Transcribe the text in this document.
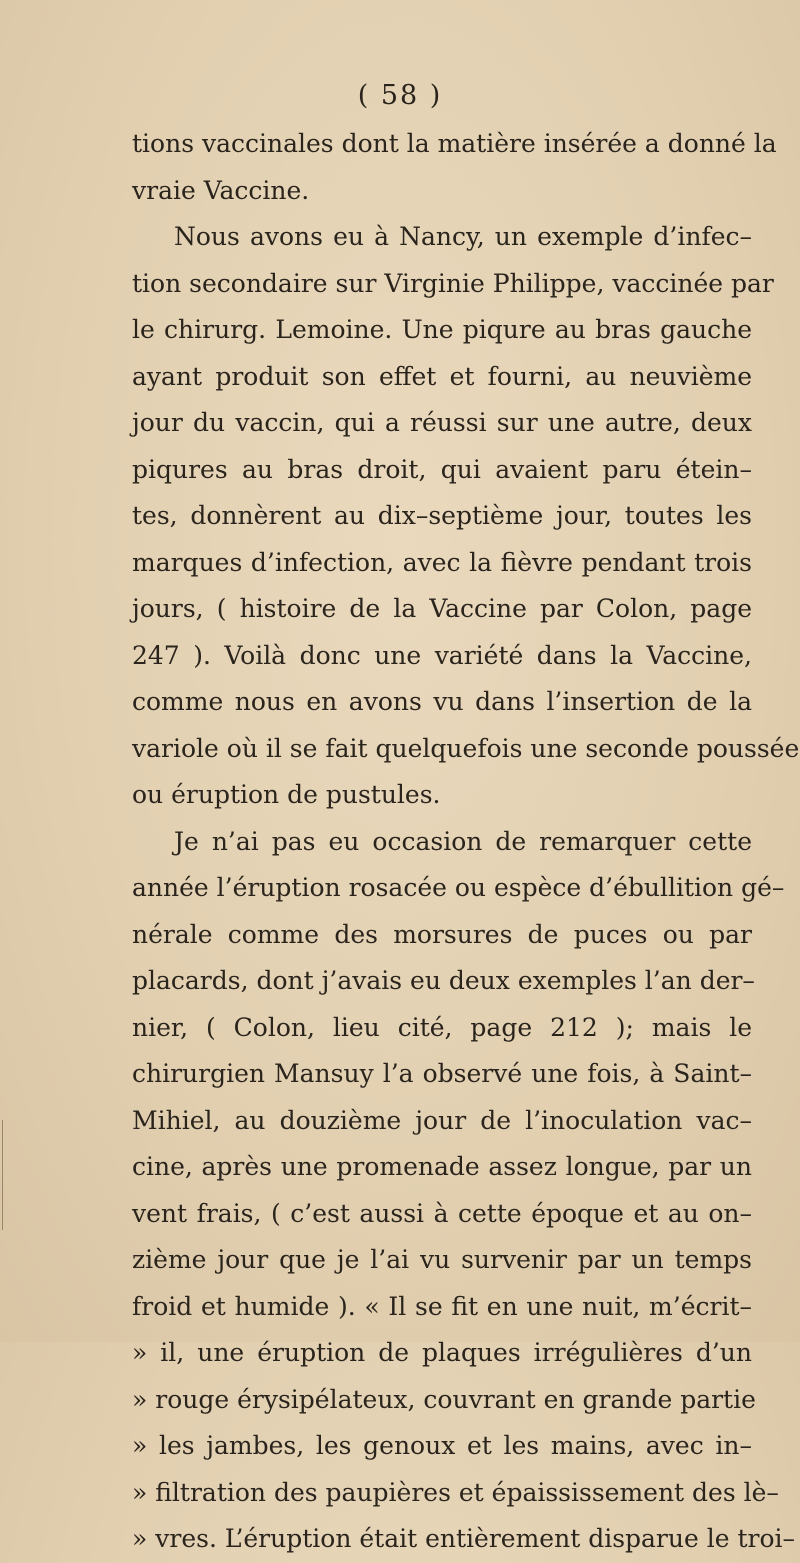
( 58 )
tions vaccinales dont la matière insérée a donné la
vraie Vaccine.
Nous avons eu à Nancy, un exemple d’infec–
tion secondaire sur Virginie Philippe, vaccinée par
le chirurg. Lemoine. Une piqure au bras gauche
ayant produit son effet et fourni, au neuvième
jour du vaccin, qui a réussi sur une autre, deux
piqures au bras droit, qui avaient paru étein–
tes, donnèrent au dix–septième jour, toutes les
marques d’infection, avec la fièvre pendant trois
jours, ( histoire de la Vaccine par Colon, page
247 ). Voilà donc une variété dans la Vaccine,
comme nous en avons vu dans l’insertion de la
variole où il se fait quelquefois une seconde poussée
ou éruption de pustules.
Je n’ai pas eu occasion de remarquer cette
année l’éruption rosacée ou espèce d’ébullition gé–
nérale comme des morsures de puces ou par
placards, dont j’avais eu deux exemples l’an der–
nier, ( Colon, lieu cité, page 212 ); mais le
chirurgien Mansuy l’a observé une fois, à Saint–
Mihiel, au douzième jour de l’inoculation vac–
cine, après une promenade assez longue, par un
vent frais, ( c’est aussi à cette époque et au on–
zième jour que je l’ai vu survenir par un temps
froid et humide ). « Il se fit en une nuit, m’écrit–
» il, une éruption de plaques irrégulières d’un
» rouge érysipélateux, couvrant en grande partie
» les jambes, les genoux et les mains, avec in–
» filtration des paupières et épaississement des lè–
» vres. L’éruption était entièrement disparue le troi–
